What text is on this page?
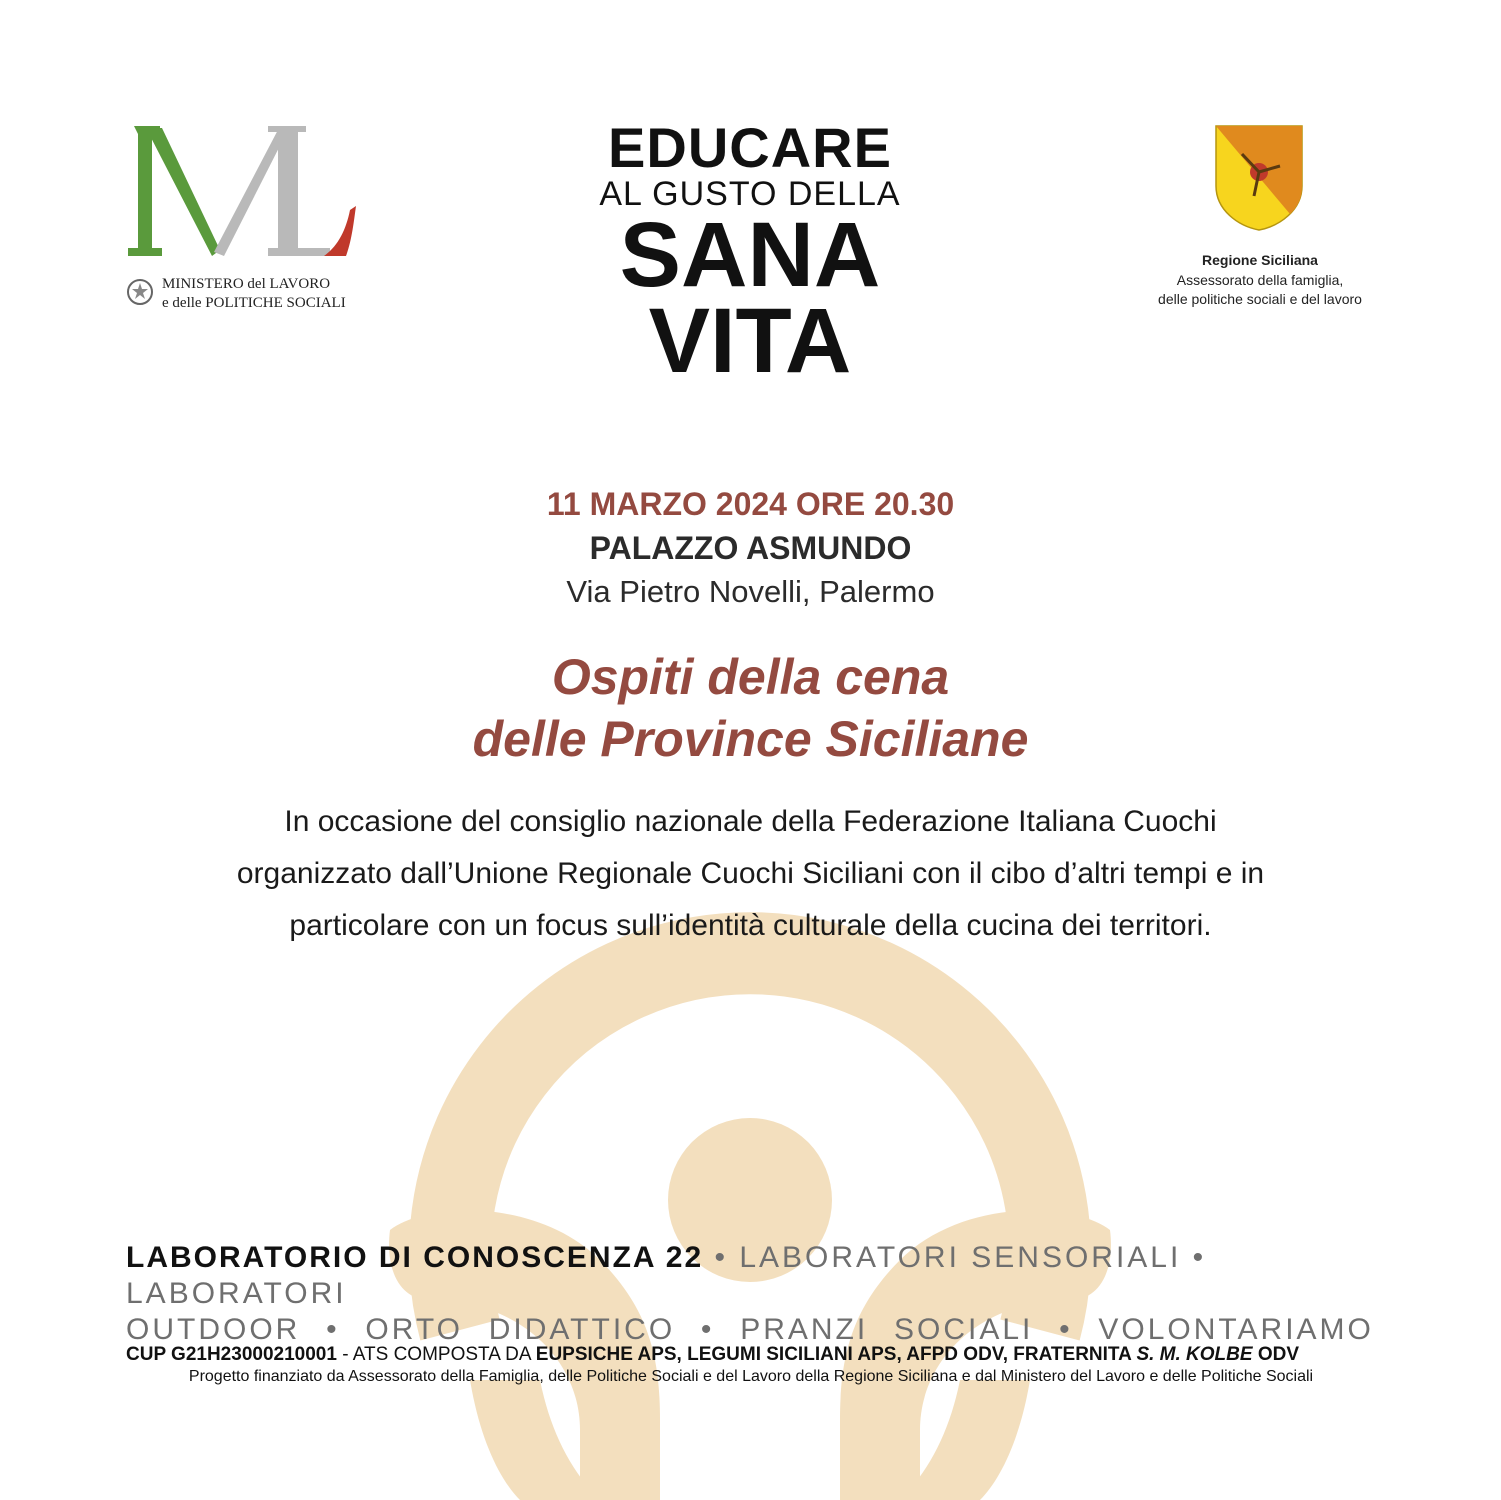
MINISTERO del LAVORO
e delle POLITICHE SOCIALI
EDUCARE
AL GUSTO DELLA
SANA
VITA
Regione Siciliana
Assessorato della famiglia,
delle politiche sociali e del lavoro
11 MARZO 2024 ORE 20.30
PALAZZO ASMUNDO
Via Pietro Novelli, Palermo
Ospiti della cena
delle Province Siciliane
In occasione del consiglio nazionale della Federazione Italiana Cuochi
organizzato dall’Unione Regionale Cuochi Siciliani con il cibo d’altri tempi e in
particolare con un focus sull’identità culturale della cucina dei territori.
LABORATORIO DI CONOSCENZA 22 • LABORATORI SENSORIALI • LABORATORI
OUTDOOR • ORTO DIDATTICO • PRANZI SOCIALI • VOLONTARIAMO
CUP G21H23000210001 - ATS COMPOSTA DA EUPSICHE APS, LEGUMI SICILIANI APS, AFPD ODV, FRATERNITA S. M. KOLBE ODV
Progetto finanziato da Assessorato della Famiglia, delle Politiche Sociali e del Lavoro della Regione Siciliana e dal Ministero del Lavoro e delle Politiche Sociali
